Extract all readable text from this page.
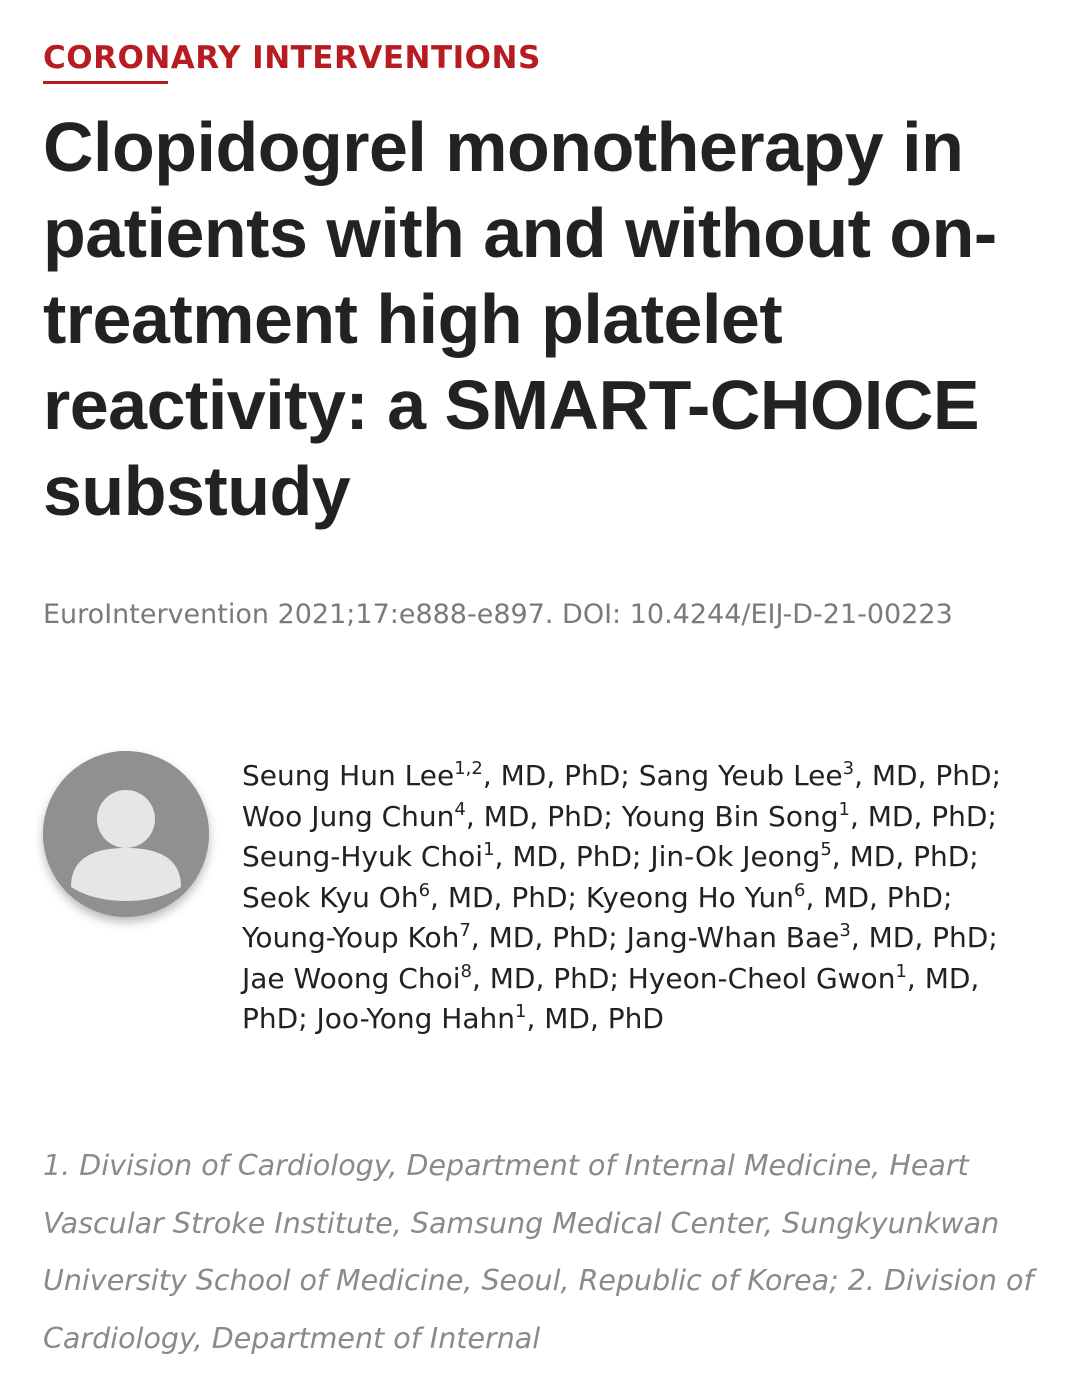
CORONARY INTERVENTIONS
Clopidogrel monotherapy in patients with and without on-treatment high platelet reactivity: a SMART-CHOICE substudy
EuroIntervention 2021;17:e888-e897. DOI: 10.4244/EIJ-D-21-00223
Seung Hun Lee$^{1,2}$, MD, PhD; Sang Yeub Lee$^3$, MD, PhD; Woo Jung Chun$^4$, MD, PhD; Young Bin Song$^1$, MD, PhD; Seung-Hyuk Choi$^1$, MD, PhD; Jin-Ok Jeong$^5$, MD, PhD; Seok Kyu Oh$^6$, MD, PhD; Kyeong Ho Yun$^6$, MD, PhD; Young-Youp Koh$^7$, MD, PhD; Jang-Whan Bae$^3$, MD, PhD; Jae Woong Choi$^8$, MD, PhD; Hyeon-Cheol Gwon$^1$, MD, PhD; Joo-Yong Hahn$^1$, MD, PhD
1. Division of Cardiology, Department of Internal Medicine, Heart Vascular Stroke Institute, Samsung Medical Center, Sungkyunkwan University School of Medicine, Seoul, Republic of Korea; 2. Division of Cardiology, Department of Internal
